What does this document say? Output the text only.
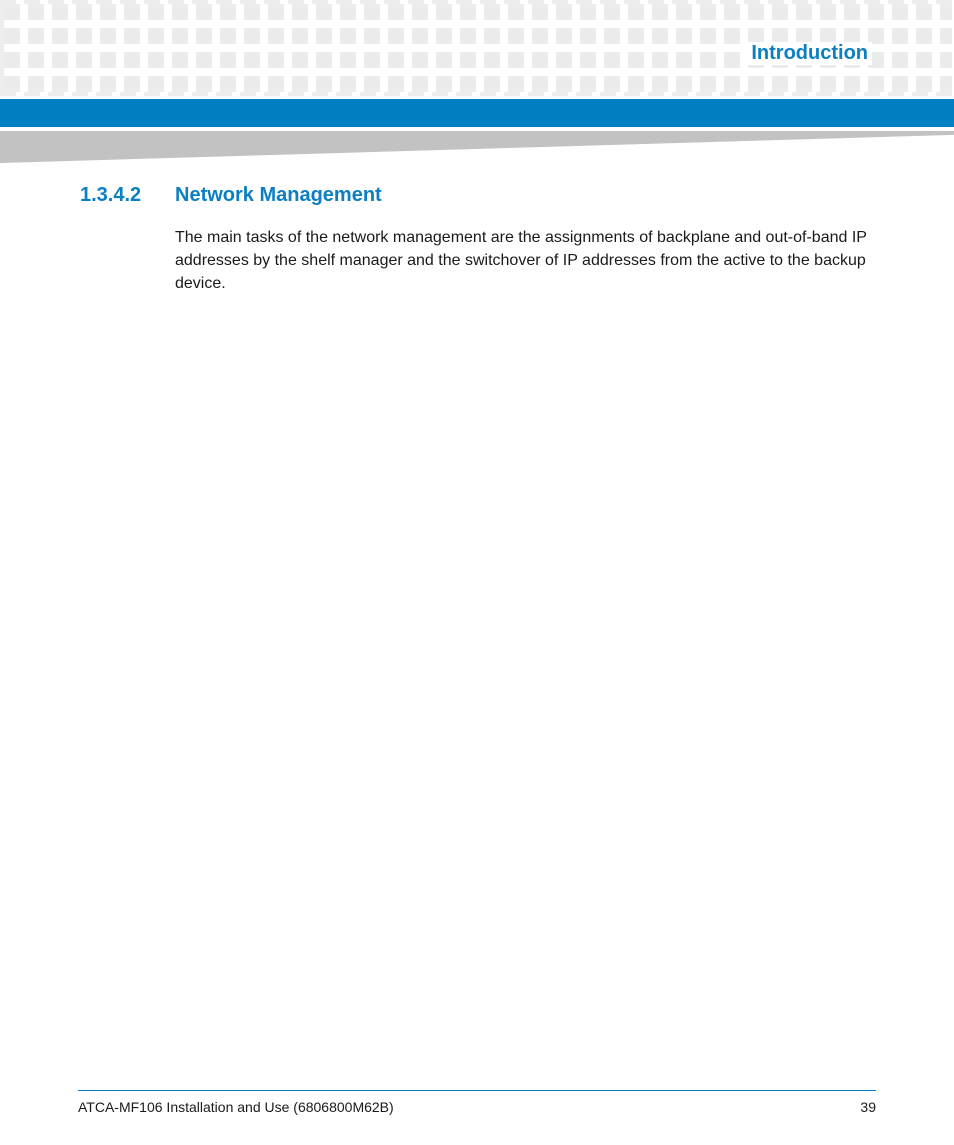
Introduction
1.3.4.2 Network Management

The main tasks of the network management are the assignments of backplane and out-of-band IP addresses by the shelf manager and the switchover of IP addresses from the active to the backup device.

ATCA-MF106 Installation and Use (6806800M62B)	39
